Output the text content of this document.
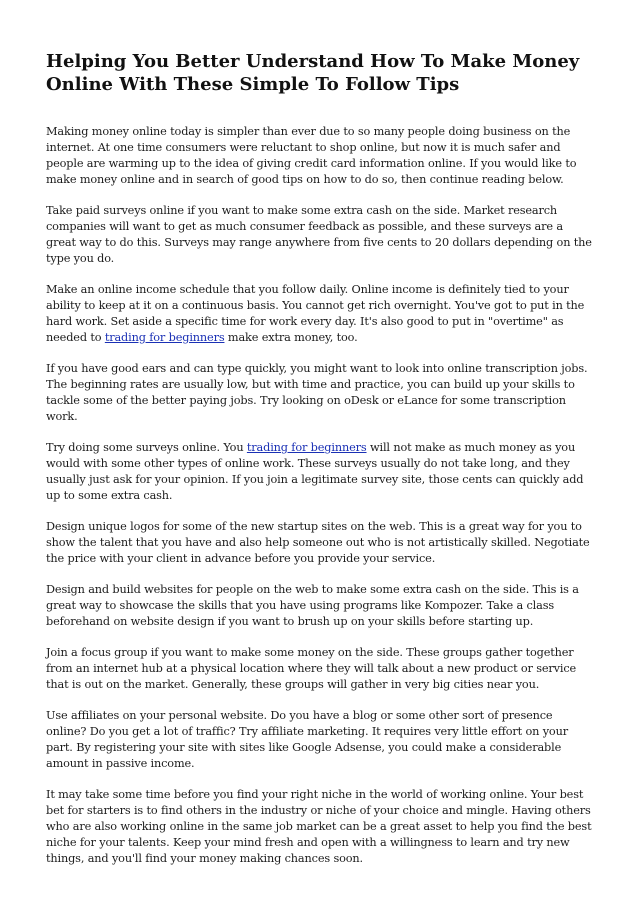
Helping You Better Understand How To Make Money Online With These Simple To Follow Tips

Making money online today is simpler than ever due to so many people doing business on the internet. At one time consumers were reluctant to shop online, but now it is much safer and people are warming up to the idea of giving credit card information online. If you would like to make money online and in search of good tips on how to do so, then continue reading below.

Take paid surveys online if you want to make some extra cash on the side. Market research companies will want to get as much consumer feedback as possible, and these surveys are a great way to do this. Surveys may range anywhere from five cents to 20 dollars depending on the type you do.

Make an online income schedule that you follow daily. Online income is definitely tied to your ability to keep at it on a continuous basis. You cannot get rich overnight. You've got to put in the hard work. Set aside a specific time for work every day. It's also good to put in "overtime" as needed to trading for beginners make extra money, too.

If you have good ears and can type quickly, you might want to look into online transcription jobs. The beginning rates are usually low, but with time and practice, you can build up your skills to tackle some of the better paying jobs. Try looking on oDesk or eLance for some transcription work.

Try doing some surveys online. You trading for beginners will not make as much money as you would with some other types of online work. These surveys usually do not take long, and they usually just ask for your opinion. If you join a legitimate survey site, those cents can quickly add up to some extra cash.

Design unique logos for some of the new startup sites on the web. This is a great way for you to show the talent that you have and also help someone out who is not artistically skilled. Negotiate the price with your client in advance before you provide your service.

Design and build websites for people on the web to make some extra cash on the side. This is a great way to showcase the skills that you have using programs like Kompozer. Take a class beforehand on website design if you want to brush up on your skills before starting up.

Join a focus group if you want to make some money on the side. These groups gather together from an internet hub at a physical location where they will talk about a new product or service that is out on the market. Generally, these groups will gather in very big cities near you.

Use affiliates on your personal website. Do you have a blog or some other sort of presence online? Do you get a lot of traffic? Try affiliate marketing. It requires very little effort on your part. By registering your site with sites like Google Adsense, you could make a considerable amount in passive income.

It may take some time before you find your right niche in the world of working online. Your best bet for starters is to find others in the industry or niche of your choice and mingle. Having others who are also working online in the same job market can be a great asset to help you find the best niche for your talents. Keep your mind fresh and open with a willingness to learn and try new things, and you'll find your money making chances soon.
